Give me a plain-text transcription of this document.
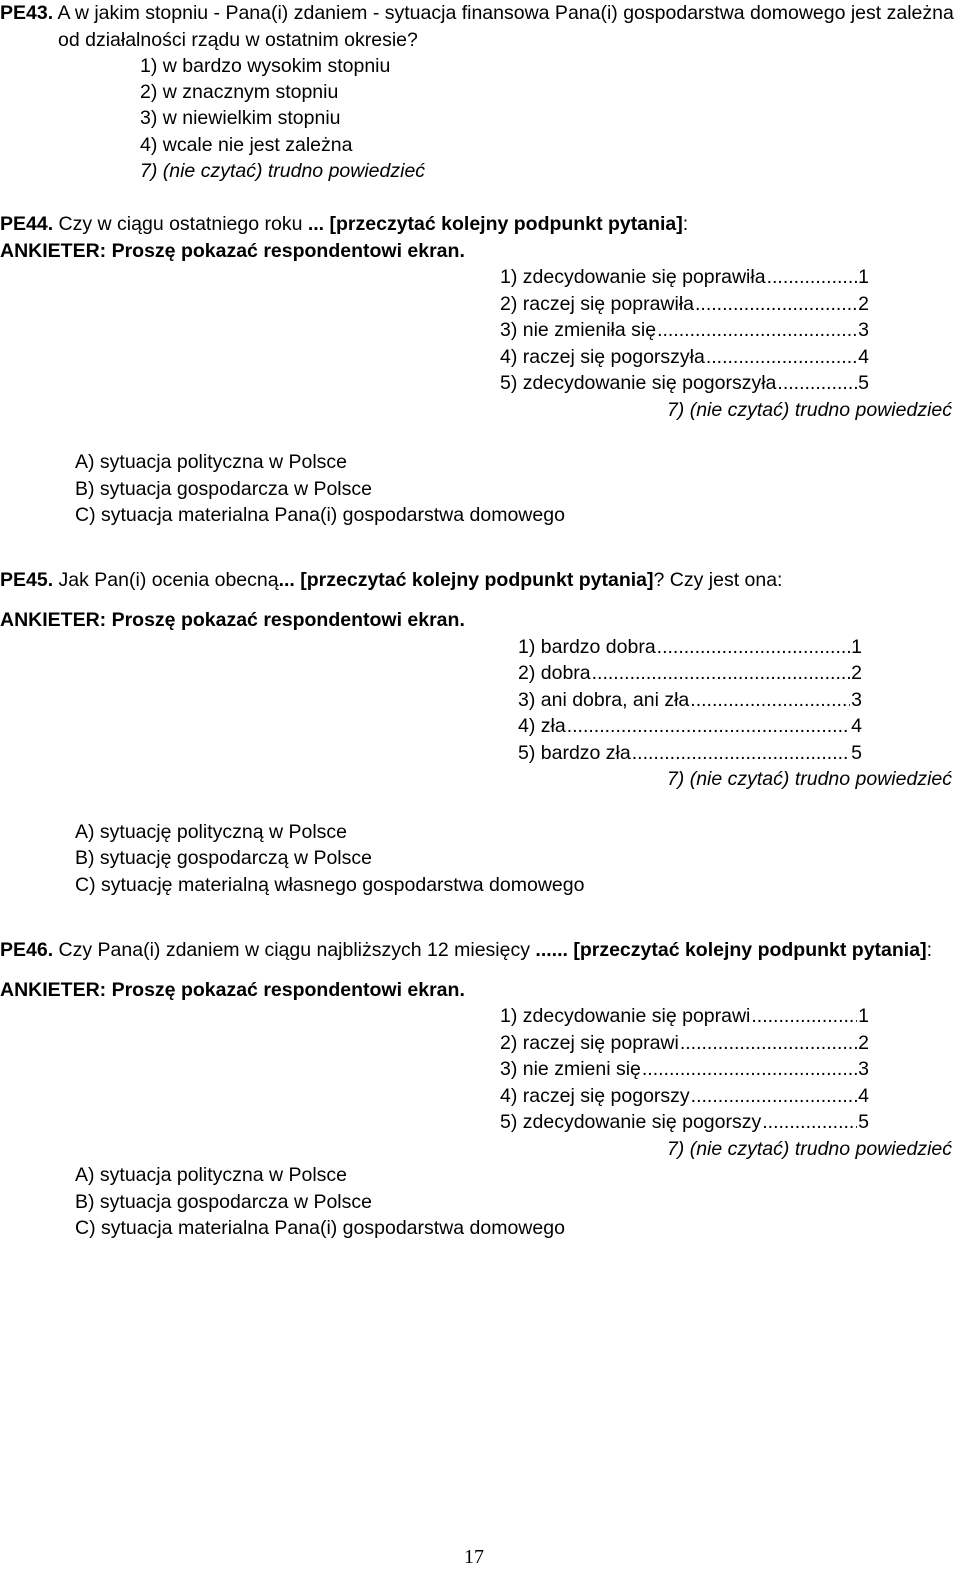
PE43. A w jakim stopniu - Pana(i) zdaniem - sytuacja finansowa Pana(i) gospodarstwa domowego jest zależna
od działalności rządu w ostatnim okresie?
1) w bardzo wysokim stopniu
2) w znacznym stopniu
3) w niewielkim stopniu
4) wcale nie jest zależna
7) (nie czytać) trudno powiedzieć
PE44. Czy w ciągu ostatniego roku ... [przeczytać kolejny podpunkt pytania]:
ANKIETER: Proszę pokazać respondentowi ekran.
1) zdecydowanie się poprawiła .....	1
2) raczej się poprawiła .....	2
3) nie zmieniła się .....	3
4) raczej się pogorszyła .....	4
5) zdecydowanie się pogorszyła .....	5
7) (nie czytać) trudno powiedzieć
A) sytuacja polityczna w Polsce
B) sytuacja gospodarcza w Polsce
C) sytuacja materialna Pana(i) gospodarstwa domowego
PE45. Jak Pan(i) ocenia obecną... [przeczytać kolejny podpunkt pytania]? Czy jest ona:
ANKIETER: Proszę pokazać respondentowi ekran.
1) bardzo dobra .....	1
2) dobra .....	2
3) ani dobra, ani zła .....	3
4) zła .....	4
5) bardzo zła .....	5
7) (nie czytać) trudno powiedzieć
A) sytuację polityczną w Polsce
B) sytuację gospodarczą w Polsce
C) sytuację materialną własnego gospodarstwa domowego
PE46. Czy Pana(i) zdaniem w ciągu najbliższych 12 miesięcy ...... [przeczytać kolejny podpunkt pytania]:
ANKIETER: Proszę pokazać respondentowi ekran.
1) zdecydowanie się poprawi .....	1
2) raczej się poprawi .....	2
3) nie zmieni się .....	3
4) raczej się pogorszy .....	4
5) zdecydowanie się pogorszy .....	5
7) (nie czytać) trudno powiedzieć
A) sytuacja polityczna w Polsce
B) sytuacja gospodarcza w Polsce
C) sytuacja materialna Pana(i) gospodarstwa domowego
17
